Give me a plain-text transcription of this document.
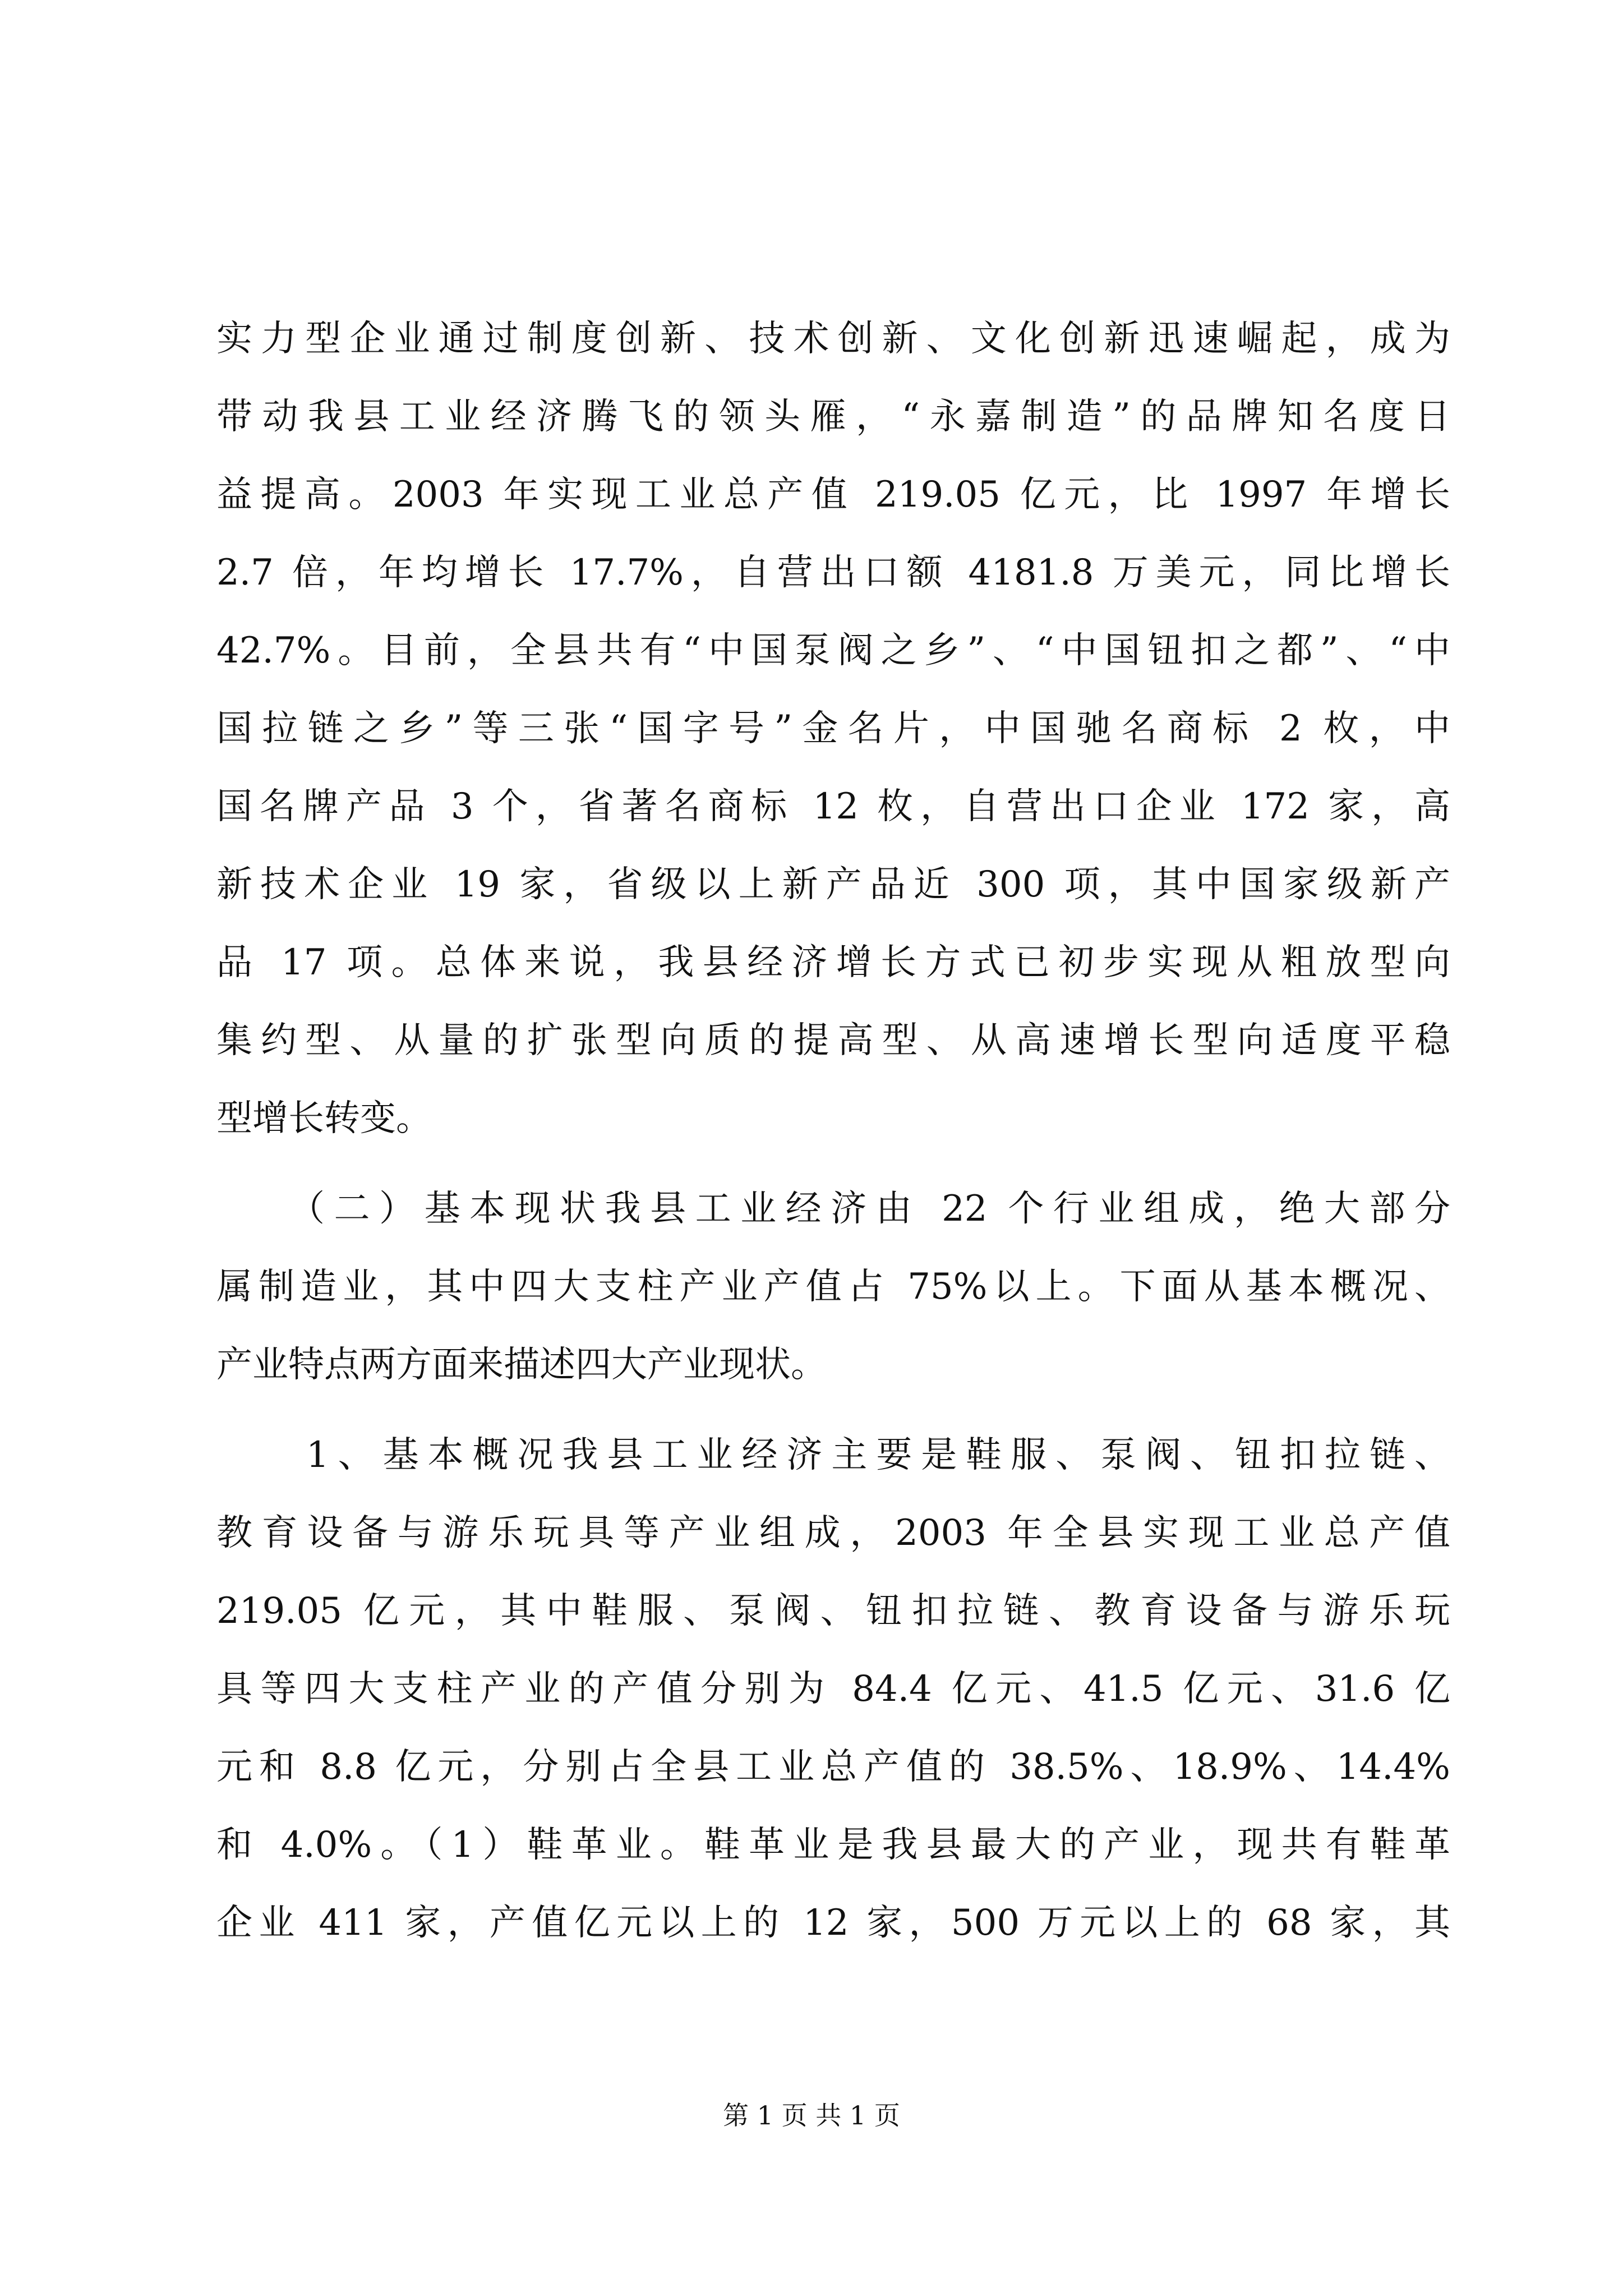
实力型企业通过制度创新、技术创新、文化创新迅速崛起，成为
带动我县工业经济腾飞的领头雁，“永嘉制造”的品牌知名度日
益提高。2003 年实现工业总产值 219.05 亿元，比 1997 年增长
2.7 倍，年均增长 17.7%，自营出口额 4181.8 万美元，同比增长
42.7%。目前，全县共有“中国泵阀之乡”、“中国钮扣之都”、“中
国拉链之乡”等三张“国字号”金名片，中国驰名商标 2 枚，中
国名牌产品 3 个，省著名商标 12 枚，自营出口企业 172 家，高
新技术企业 19 家，省级以上新产品近 300 项，其中国家级新产
品 17 项。总体来说，我县经济增长方式已初步实现从粗放型向
集约型、从量的扩张型向质的提高型、从高速增长型向适度平稳
型增长转变。
　　（二）基本现状我县工业经济由 22 个行业组成，绝大部分
属制造业，其中四大支柱产业产值占 75%以上。下面从基本概况、
产业特点两方面来描述四大产业现状。
　　1、基本概况我县工业经济主要是鞋服、泵阀、钮扣拉链、
教育设备与游乐玩具等产业组成，2003 年全县实现工业总产值
219.05 亿元，其中鞋服、泵阀、钮扣拉链、教育设备与游乐玩
具等四大支柱产业的产值分别为 84.4 亿元、41.5 亿元、31.6 亿
元和 8.8 亿元，分别占全县工业总产值的 38.5%、18.9%、14.4%
和 4.0%。（1）鞋革业。鞋革业是我县最大的产业，现共有鞋革
企业 411 家，产值亿元以上的 12 家，500 万元以上的 68 家，其
第 1 页 共 1 页
